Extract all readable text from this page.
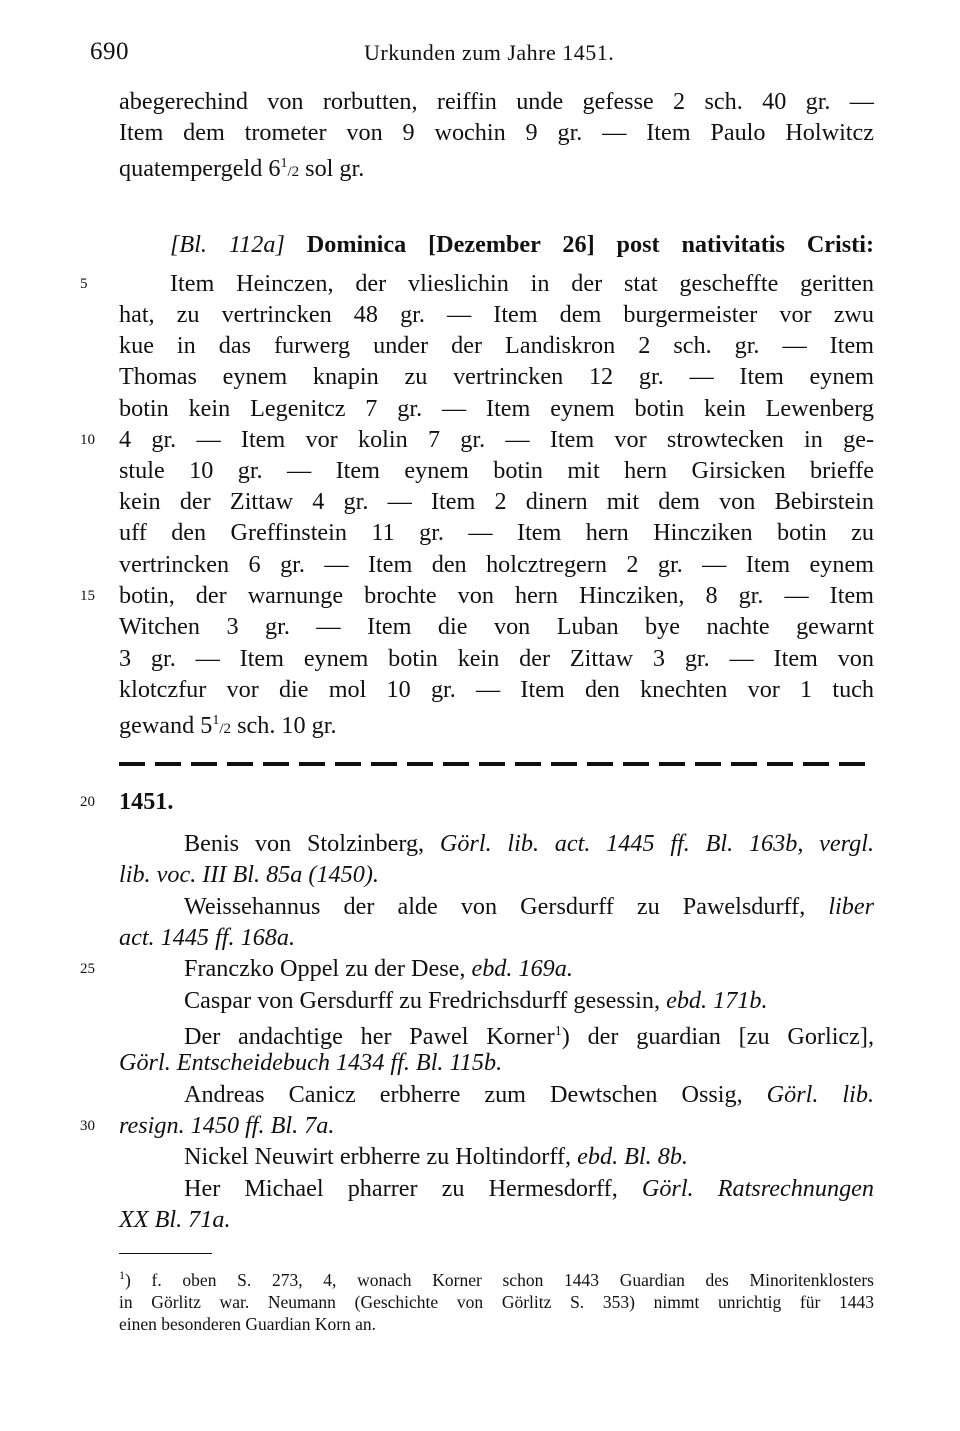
690	Urkunden zum Jahre 1451.
abegerechind von rorbutten, reiffin unde gefesse 2 sch. 40 gr. —
Item dem trometer von 9 wochin 9 gr. — Item Paulo Holwitcz
quatempergeld $6^1/2$ sol gr.
[Bl. 112a] Dominica [Dezember 26] post nativitatis Cristi:
5	Item Heinczen, der vlieslichin in der stat gescheffte geritten
hat, zu vertrincken 48 gr. — Item dem burgermeister vor zwu
kue in das furwerg under der Landiskron 2 sch. gr. — Item
Thomas eynem knapin zu vertrincken 12 gr. — Item eynem
botin kein Legenitcz 7 gr. — Item eynem botin kein Lewenberg
10 4 gr. — Item vor kolin 7 gr. — Item vor strowtecken in ge-
stule 10 gr. — Item eynem botin mit hern Girsicken brieffe
kein der Zittaw 4 gr. — Item 2 dinern mit dem von Bebirstein
uff den Greffinstein 11 gr. — Item hern Hincziken botin zu
vertrincken 6 gr. — Item den holcztregern 2 gr. — Item eynem
15 botin, der warnunge brochte von hern Hincziken, 8 gr. — Item
Witchen 3 gr. — Item die von Luban bye nachte gewarnt
3 gr. — Item eynem botin kein der Zittaw 3 gr. — Item von
klotczfur vor die mol 10 gr. — Item den knechten vor 1 tuch
gewand $5^1/2$ sch. 10 gr.
20 1451.
Benis von Stolzinberg, Görl. lib. act. 1445 ff. Bl. 163b, vergl.
lib. voc. III Bl. 85a (1450).
Weissehannus der alde von Gersdurff zu Pawelsdurff, liber
act. 1445 ff. 168a.
25	Franczko Oppel zu der Dese, ebd. 169a.
Caspar von Gersdurff zu Fredrichsdurff gesessin, ebd. 171b.
Der andachtige her Pawel Korner$^1$) der guardian [zu Gorlicz],
Görl. Entscheidebuch 1434 ff. Bl. 115b.
Andreas Canicz erbherre zum Dewtschen Ossig, Görl. lib.
30 resign. 1450 ff. Bl. 7a.
Nickel Neuwirt erbherre zu Holtindorff, ebd. Bl. 8b.
Her Michael pharrer zu Hermesdorff, Görl. Ratsrechnungen
XX Bl. 71a.
$^1$) f. oben S. 273, 4, wonach Korner schon 1443 Guardian des Minoritenklosters
in Görlitz war. Neumann (Geschichte von Görlitz S. 353) nimmt unrichtig für 1443
einen besonderen Guardian Korn an.
